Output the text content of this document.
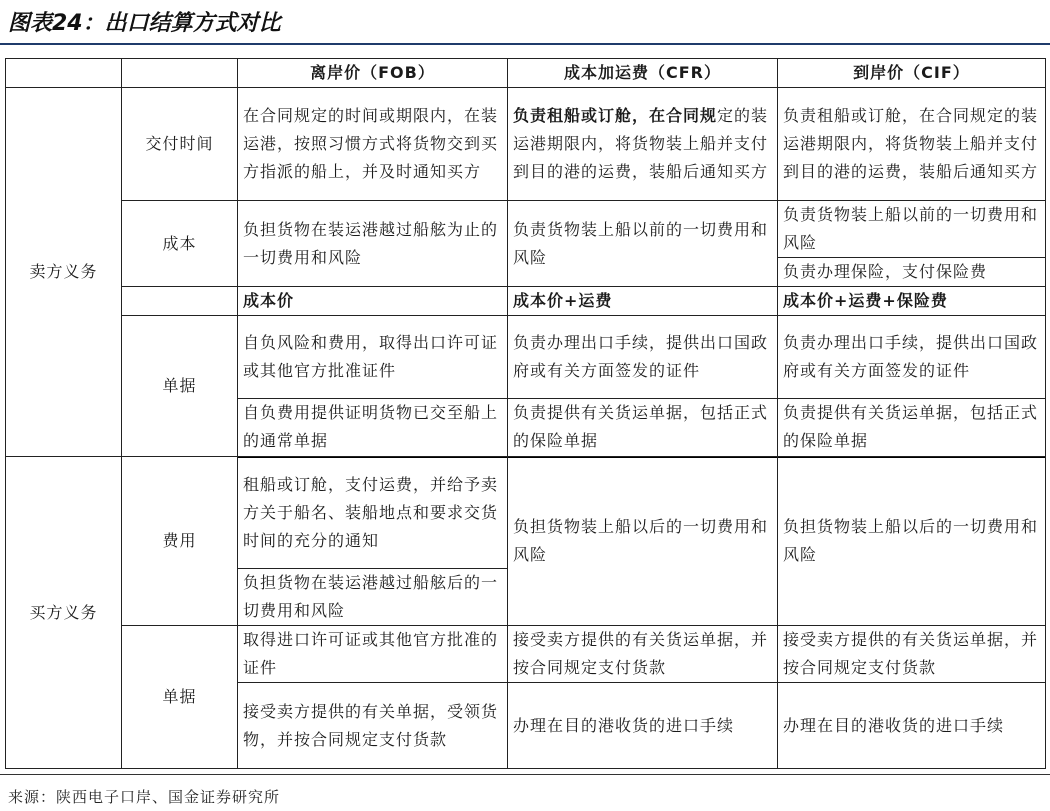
图表24：出口结算方式对比
		离岸价（FOB）	成本加运费（CFR）	到岸价（CIF）
卖方义务	交付时间	在合同规定的时间或期限内，在装运港，按照习惯方式将货物交到买方指派的船上，并及时通知买方	负责租船或订舱，在合同规定的装运港期限内，将货物装上船并支付到目的港的运费，装船后通知买方	负责租船或订舱，在合同规定的装运港期限内，将货物装上船并支付到目的港的运费，装船后通知买方
	成本	负担货物在装运港越过船舷为止的一切费用和风险	负责货物装上船以前的一切费用和风险	负责货物装上船以前的一切费用和风险
				负责办理保险，支付保险费
		成本价	成本价+运费	成本价+运费+保险费
	单据	自负风险和费用，取得出口许可证或其他官方批准证件	负责办理出口手续，提供出口国政府或有关方面签发的证件	负责办理出口手续，提供出口国政府或有关方面签发的证件
		自负费用提供证明货物已交至船上的通常单据	负责提供有关货运单据，包括正式的保险单据	负责提供有关货运单据，包括正式的保险单据

买方义务	费用	租船或订舱，支付运费，并给予卖方关于船名、装船地点和要求交货时间的充分的通知	负担货物装上船以后的一切费用和风险	负担货物装上船以后的一切费用和风险
		负担货物在装运港越过船舷后的一切费用和风险		
	单据	取得进口许可证或其他官方批准的证件	接受卖方提供的有关货运单据，并按合同规定支付货款	接受卖方提供的有关货运单据，并按合同规定支付货款
		接受卖方提供的有关单据，受领货物，并按合同规定支付货款	办理在目的港收货的进口手续	办理在目的港收货的进口手续
来源：陕西电子口岸、国金证券研究所
